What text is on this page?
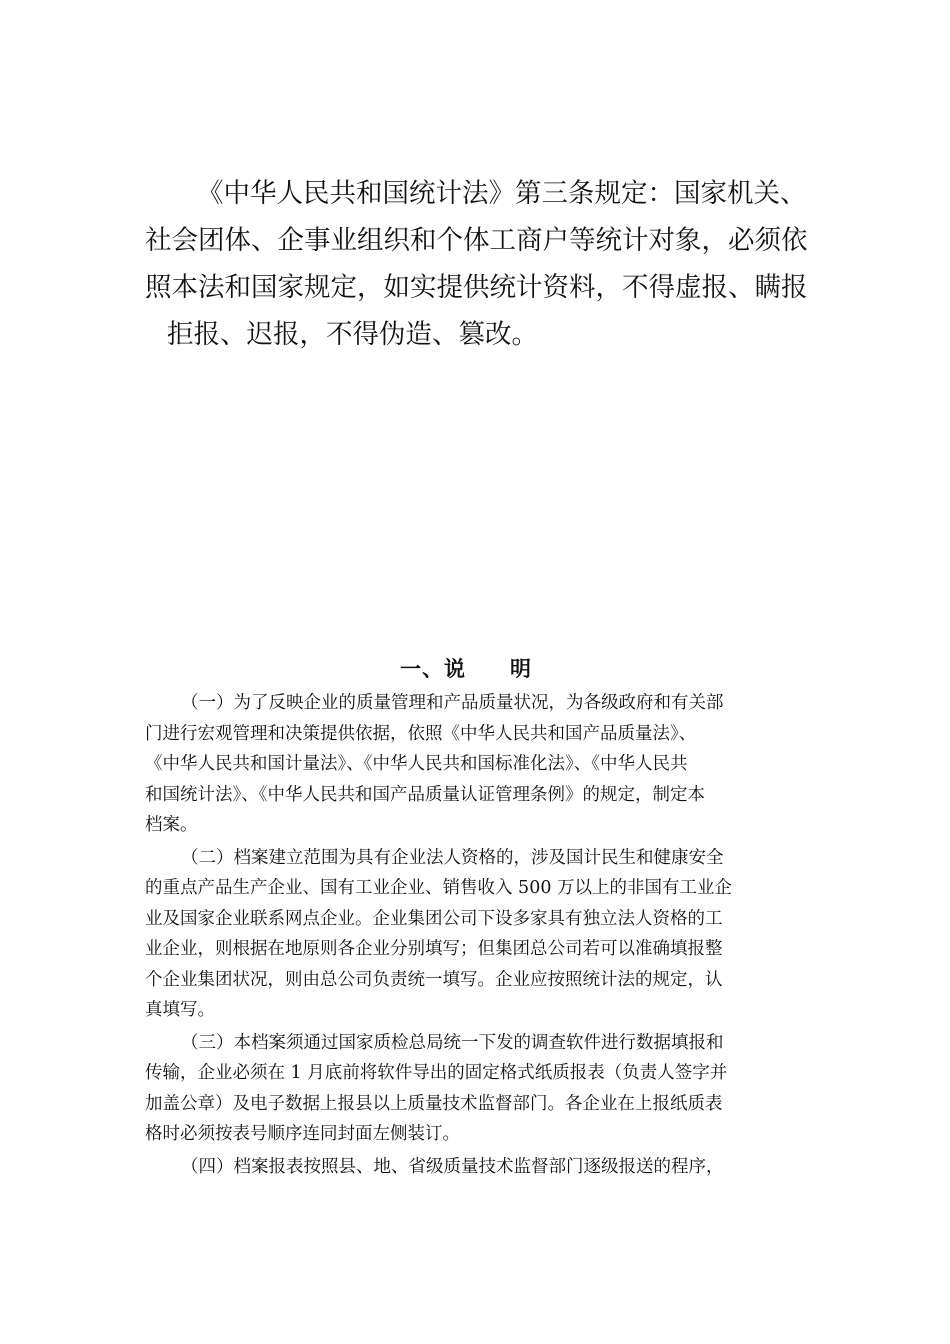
《中华人民共和国统计法》第三条规定：国家机关、

社会团体、企事业组织和个体工商户等统计对象，必须依

照本法和国家规定，如实提供统计资料，不得虚报、瞒报

拒报、迟报，不得伪造、篡改。

一、说 明

（一）为了反映企业的质量管理和产品质量状况，为各级政府和有关部

门进行宏观管理和决策提供依据，依照《中华人民共和国产品质量法》、

《中华人民共和国计量法》、《中华人民共和国标准化法》、《中华人民共

和国统计法》、《中华人民共和国产品质量认证管理条例》的规定，制定本

档案。

（二）档案建立范围为具有企业法人资格的，涉及国计民生和健康安全

的重点产品生产企业、国有工业企业、销售收入 500 万以上的非国有工业企

业及国家企业联系网点企业。企业集团公司下设多家具有独立法人资格的工

业企业，则根据在地原则各企业分别填写；但集团总公司若可以准确填报整

个企业集团状况，则由总公司负责统一填写。企业应按照统计法的规定，认

真填写。

（三）本档案须通过国家质检总局统一下发的调查软件进行数据填报和

传输，企业必须在 1 月底前将软件导出的固定格式纸质报表（负责人签字并

加盖公章）及电子数据上报县以上质量技术监督部门。各企业在上报纸质表

格时必须按表号顺序连同封面左侧装订。

（四）档案报表按照县、地、省级质量技术监督部门逐级报送的程序，
